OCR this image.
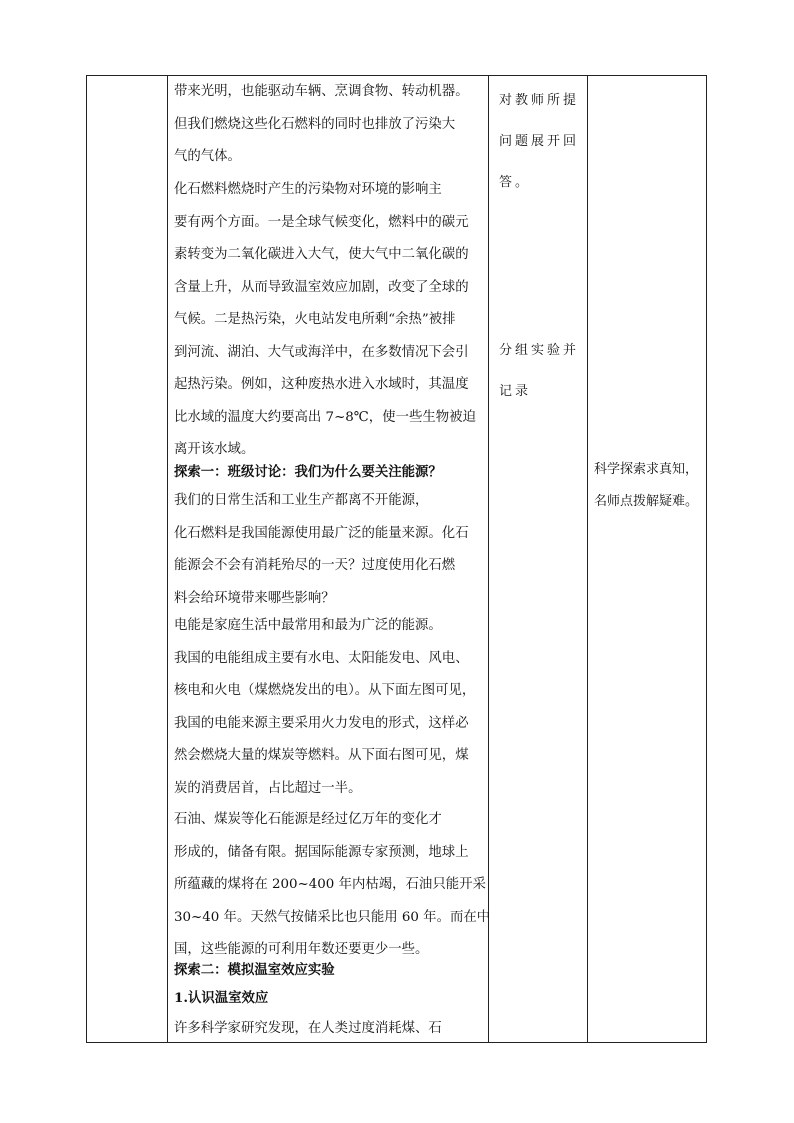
带来光明，也能驱动车辆、烹调食物、转动机器。
但我们燃烧这些化石燃料的同时也排放了污染大
气的气体。

化石燃料燃烧时产生的污染物对环境的影响主
要有两个方面。一是全球气候变化，燃料中的碳元
素转变为二氧化碳进入大气，使大气中二氧化碳的
含量上升，从而导致温室效应加剧，改变了全球的
气候。二是热污染，火电站发电所剩“余热”被排
到河流、湖泊、大气或海洋中，在多数情况下会引
起热污染。例如，这种废热水进入水域时，其温度
比水域的温度大约要高出 7~8℃，使一些生物被迫
离开该水域。

探索一：班级讨论：我们为什么要关注能源？

我们的日常生活和工业生产都离不开能源，
化石燃料是我国能源使用最广泛的能量来源。化石
能源会不会有消耗殆尽的一天？过度使用化石燃
料会给环境带来哪些影响？

电能是家庭生活中最常用和最为广泛的能源。
我国的电能组成主要有水电、太阳能发电、风电、
核电和火电（煤燃烧发出的电）。从下面左图可见，
我国的电能来源主要采用火力发电的形式，这样必
然会燃烧大量的煤炭等燃料。从下面右图可见，煤
炭的消费居首，占比超过一半。

石油、煤炭等化石能源是经过亿万年的变化才
形成的，储备有限。据国际能源专家预测，地球上
所蕴藏的煤将在 200~400 年内枯竭，石油只能开采
30~40 年。天然气按储采比也只能用 60 年。而在中
国，这些能源的可利用年数还要更少一些。

探索二：模拟温室效应实验

1.认识温室效应

许多科学家研究发现，在人类过度消耗煤、石

对教师所提
问题展开回
答。

分组实验并
记录

科学探索求真知，
名师点拨解疑难。
